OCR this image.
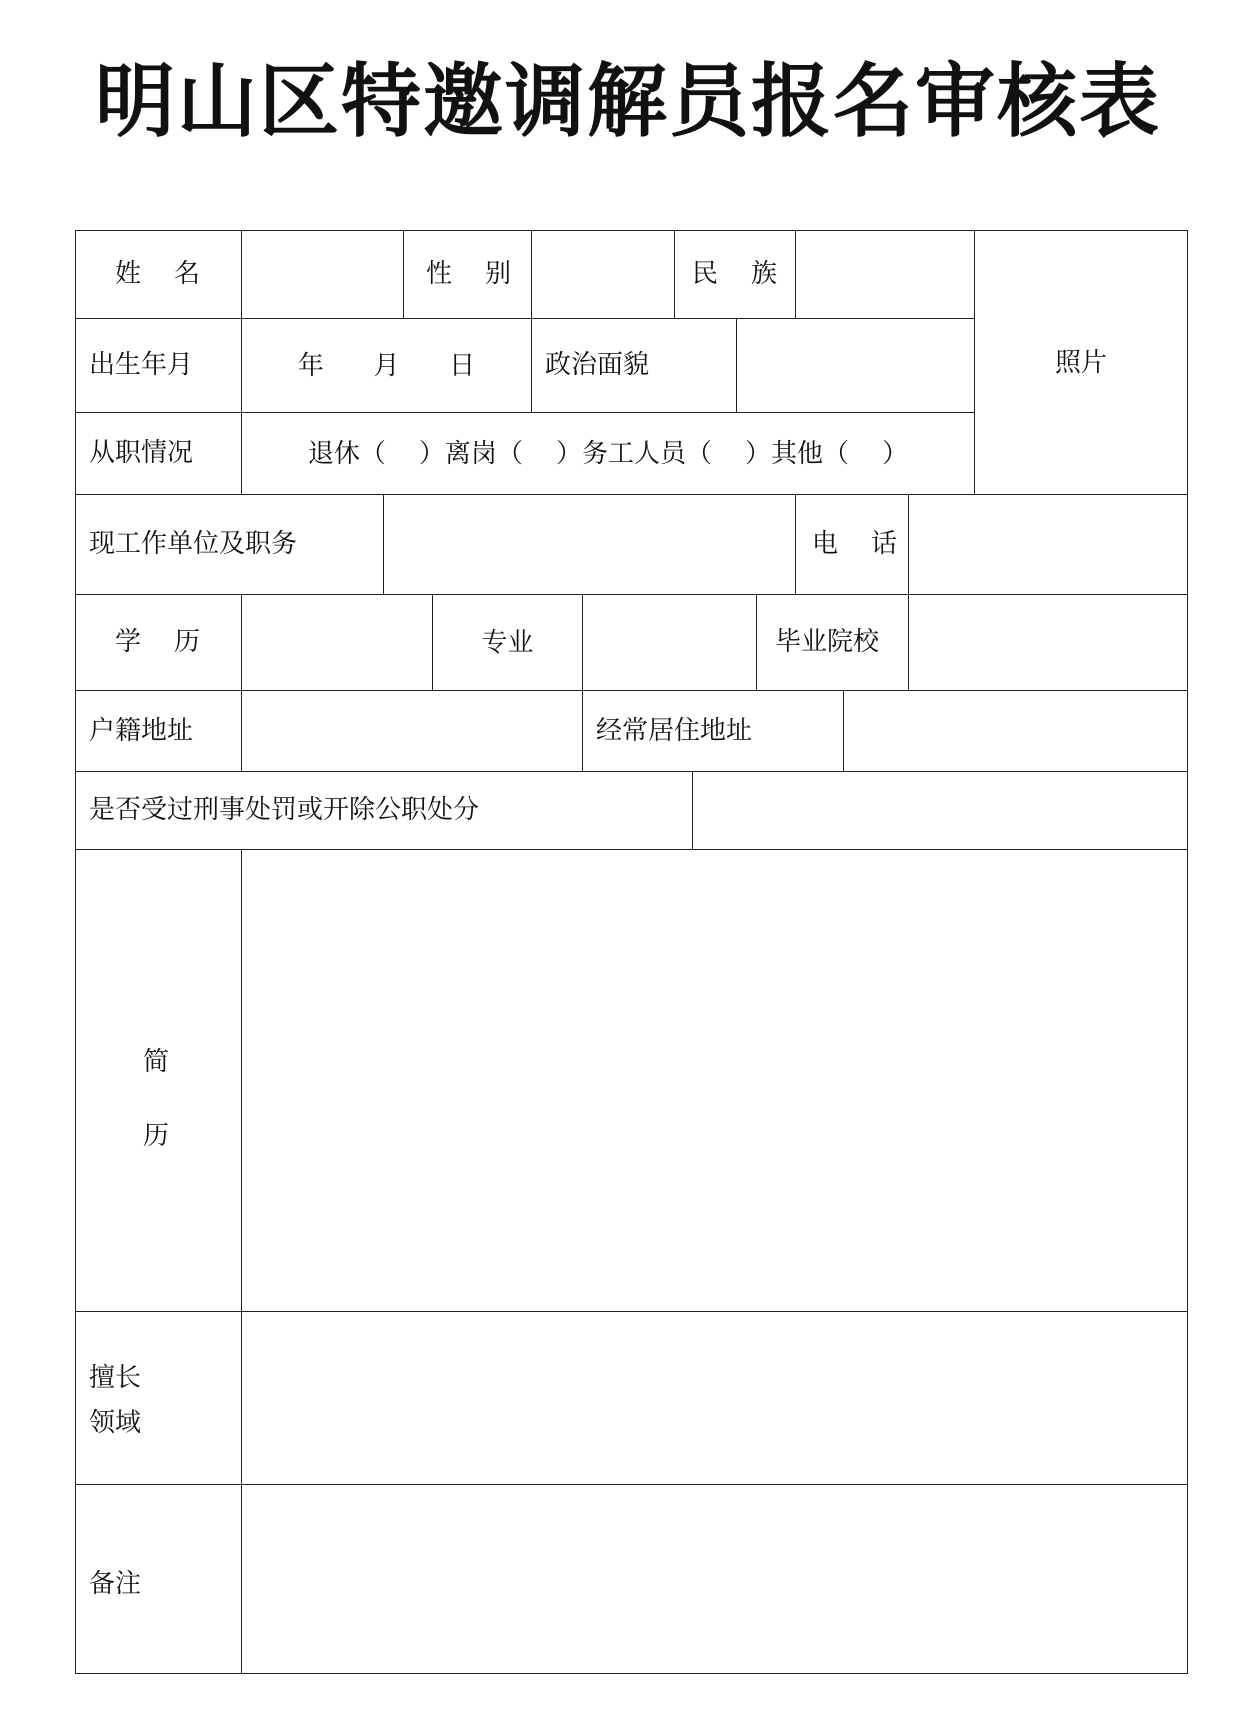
明山区特邀调解员报名审核表
姓    名	性    别	民    族
照片
出生年月	年      月      日	政治面貌
从职情况	退休（    ）离岗（    ）务工人员（    ）其他（    ）
现工作单位及职务	电    话
学    历	专业	毕业院校
户籍地址	经常居住地址
是否受过刑事处罚或开除公职处分
简
历
擅长
领域
备注
